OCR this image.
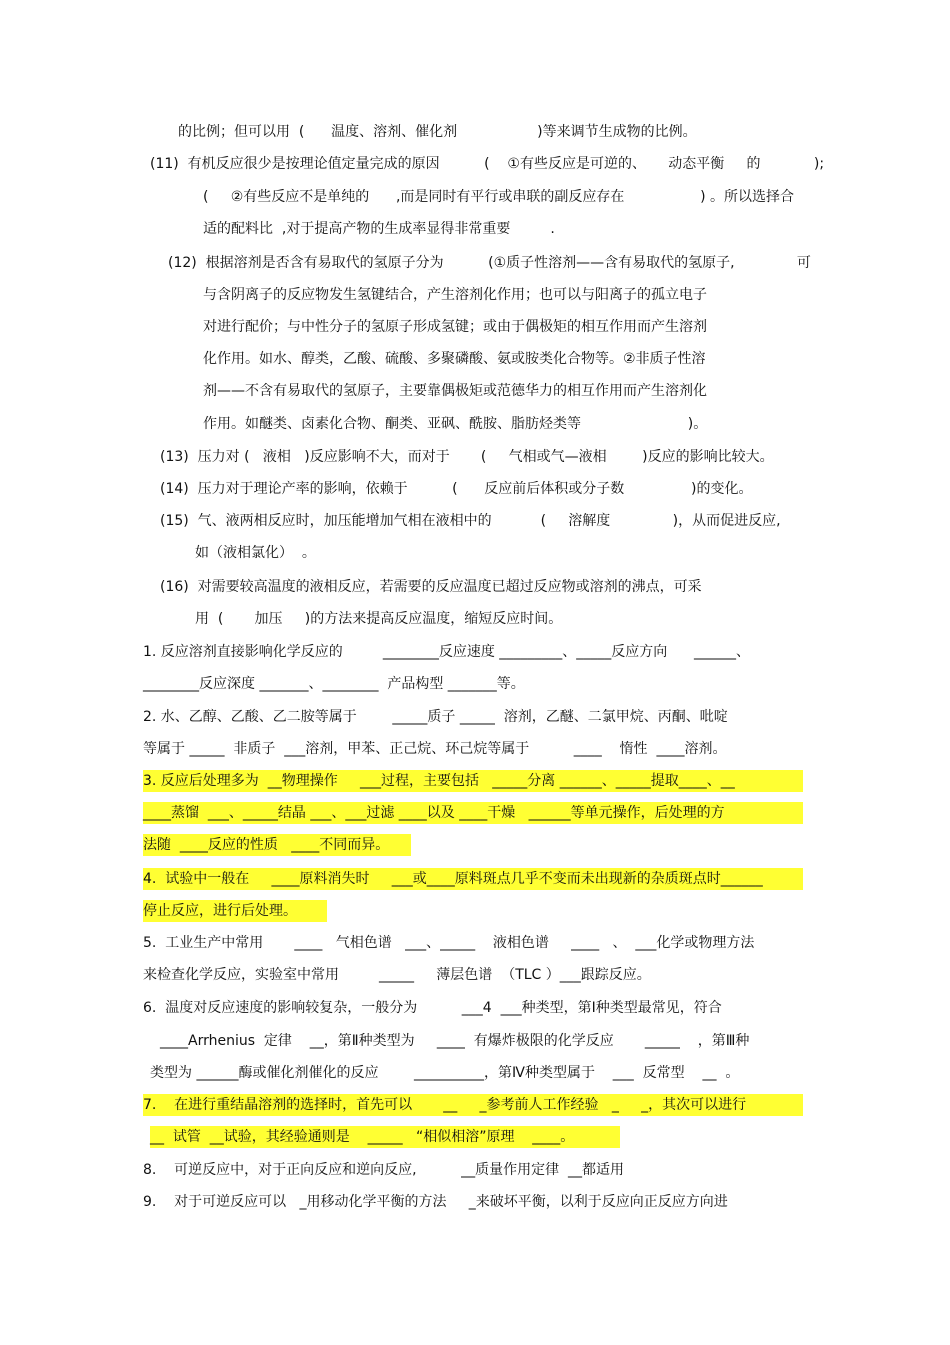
的比例；但可以用  (      温度、溶剂、催化剂                  )等来调节生成物的比例。
(11)  有机反应很少是按理论值定量完成的原因          (    ①有些反应是可逆的、     动态平衡     的            );
(     ②有些反应不是单纯的      ,而是同时有平行或串联的副反应存在                 ) 。所以选择合
适的配料比  ,对于提高产物的生成率显得非常重要         .
(12)  根据溶剂是否含有易取代的氢原子分为          (①质子性溶剂——含有易取代的氢原子,              可
与含阴离子的反应物发生氢键结合，产生溶剂化作用；也可以与阳离子的孤立电子
对进行配价；与中性分子的氢原子形成氢键；或由于偶极矩的相互作用而产生溶剂
化作用。如水、醇类，乙酸、硫酸、多聚磷酸、氨或胺类化合物等。②非质子性溶
剂——不含有易取代的氢原子，主要靠偶极矩或范德华力的相互作用而产生溶剂化
作用。如醚类、卤素化合物、酮类、亚砜、酰胺、脂肪烃类等                        )。
(13)  压力对 (   液相   )反应影响不大，而对于       (     气相或气—液相        )反应的影响比较大。
(14)  压力对于理论产率的影响，依赖于          (      反应前后体积或分子数               )的变化。
(15)  气、液两相反应时，加压能增加气相在液相中的           (     溶解度              )，从而促进反应,
如（液相氯化）  。
(16)  对需要较高温度的液相反应，若需要的反应温度已超过反应物或溶剂的沸点，可采
用  (       加压     )的方法来提高反应温度，缩短反应时间。
1. 反应溶剂直接影响化学反应的         ________反应速度 _________、_____反应方向      ______、
________反应深度 _______、________  产品构型 _______等。
2. 水、乙醇、乙酸、乙二胺等属于        _____质子 _____  溶剂，乙醚、二氯甲烷、丙酮、吡啶
等属于 _____  非质子  ___溶剂，甲苯、正己烷、环己烷等属于          ____    惰性  ____溶剂。
3. 反应后处理多为  __物理操作     ___过程，主要包括   _____分离 ______、_____提取____、__
____蒸馏  ___、_____结晶 ___、___过滤 ____以及 ____干燥   ______等单元操作，后处理的方
法随  ____反应的性质   ____不同而异。
4.  试验中一般在     ____原料消失时     ___或____原料斑点几乎不变而未出现新的杂质斑点时______
停止反应，进行后处理。
5.  工业生产中常用       ____   气相色谱   ___、_____    液相色谱     ____   、  ___化学或物理方法
来检查化学反应，实验室中常用         _____     薄层色谱  （TLC ）___跟踪反应。
6.  温度对反应速度的影响较复杂，一般分为          ___4  ___种类型，第Ⅰ种类型最常见，符合
____Arrhenius  定律    __，第Ⅱ种类型为     ____  有爆炸极限的化学反应       _____    ，第Ⅲ种
类型为 ______酶或催化剂催化的反应        __________，第Ⅳ种类型属于    ___  反常型    __  。
7.    在进行重结晶溶剂的选择时，首先可以       __     _参考前人工作经验   _     _，其次可以进行
__  试管  __试验，其经验通则是    _____   “相似相溶”原理    ____。
8.    可逆反应中，对于正向反应和逆向反应,          __质量作用定律  __都适用
9.    对于可逆反应可以   _用移动化学平衡的方法     _来破坏平衡，以利于反应向正反应方向进
